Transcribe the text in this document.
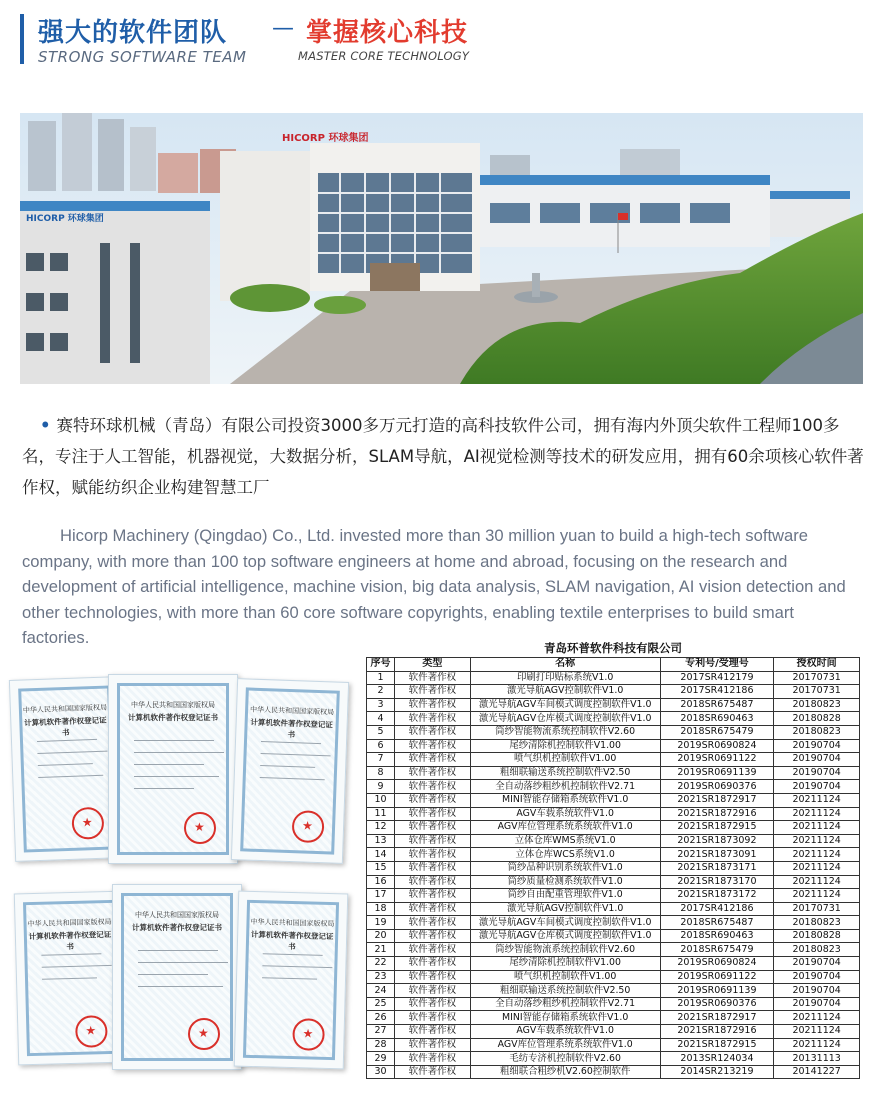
强大的软件团队 — 掌握核心科技
STRONG SOFTWARE TEAM	MASTER CORE TECHNOLOGY
HICORP 环球集团
HICORP 环球集团
• 赛特环球机械（青岛）有限公司投资3000多万元打造的高科技软件公司，拥有海内外顶尖软件工程师100多名，专注于人工智能，机器视觉，大数据分析，SLAM导航，AI视觉检测等技术的研发应用，拥有60余项核心软件著作权，赋能纺织企业构建智慧工厂
Hicorp Machinery (Qingdao) Co., Ltd. invested more than 30 million yuan to build a high-tech software company, with more than 100 top software engineers at home and abroad, focusing on the research and development of artificial intelligence, machine vision, big data analysis, SLAM navigation, AI vision detection and other technologies, with more than 60 core software copyrights, enabling textile enterprises to build smart factories.
中华人民共和国国家版权局
计算机软件著作权登记证书
★
中华人民共和国国家版权局
计算机软件著作权登记证书
★
中华人民共和国国家版权局
计算机软件著作权登记证书
★
中华人民共和国国家版权局
计算机软件著作权登记证书
★
中华人民共和国国家版权局
计算机软件著作权登记证书
★
中华人民共和国国家版权局
计算机软件著作权登记证书
★
青岛环普软件科技有限公司
序号	类型	名称	专利号/受理号	授权时间
1	软件著作权	印刷打印贴标系统V1.0	2017SR412179	20170731
2	软件著作权	激光导航AGV控制软件V1.0	2017SR412186	20170731
3	软件著作权	激光导航AGV车间模式调度控制软件V1.0	2018SR675487	20180823
4	软件著作权	激光导航AGV仓库模式调度控制软件V1.0	2018SR690463	20180828
5	软件著作权	筒纱智能物流系统控制软件V2.60	2018SR675479	20180823
6	软件著作权	尾纱清除机控制软件V1.00	2019SR0690824	20190704
7	软件著作权	喷气织机控制软件V1.00	2019SR0691122	20190704
8	软件著作权	粗细联输送系统控制软件V2.50	2019SR0691139	20190704
9	软件著作权	全自动落纱粗纱机控制软件V2.71	2019SR0690376	20190704
10	软件著作权	MINI智能存储箱系统软件V1.0	2021SR1872917	20211124
11	软件著作权	AGV车载系统软件V1.0	2021SR1872916	20211124
12	软件著作权	AGV库位管理系统系统软件V1.0	2021SR1872915	20211124
13	软件著作权	立体仓库WMS系统V1.0	2021SR1873092	20211124
14	软件著作权	立体仓库WCS系统V1.0	2021SR1873091	20211124
15	软件著作权	筒纱品种识别系统软件V1.0	2021SR1873171	20211124
16	软件著作权	筒纱质量检测系统软件V1.0	2021SR1873170	20211124
17	软件著作权	筒纱自由配重管理软件V1.0	2021SR1873172	20211124
18	软件著作权	激光导航AGV控制软件V1.0	2017SR412186	20170731
19	软件著作权	激光导航AGV车间模式调度控制软件V1.0	2018SR675487	20180823
20	软件著作权	激光导航AGV仓库模式调度控制软件V1.0	2018SR690463	20180828
21	软件著作权	筒纱智能物流系统控制软件V2.60	2018SR675479	20180823
22	软件著作权	尾纱清除机控制软件V1.00	2019SR0690824	20190704
23	软件著作权	喷气织机控制软件V1.00	2019SR0691122	20190704
24	软件著作权	粗细联输送系统控制软件V2.50	2019SR0691139	20190704
25	软件著作权	全自动落纱粗纱机控制软件V2.71	2019SR0690376	20190704
26	软件著作权	MINI智能存储箱系统软件V1.0	2021SR1872917	20211124
27	软件著作权	AGV车载系统软件V1.0	2021SR1872916	20211124
28	软件著作权	AGV库位管理系统系统软件V1.0	2021SR1872915	20211124
29	软件著作权	毛纺专济机控制软件V2.60	2013SR124034	20131113
30	软件著作权	粗细联合粗纱机V2.60控制软件	2014SR213219	20141227
